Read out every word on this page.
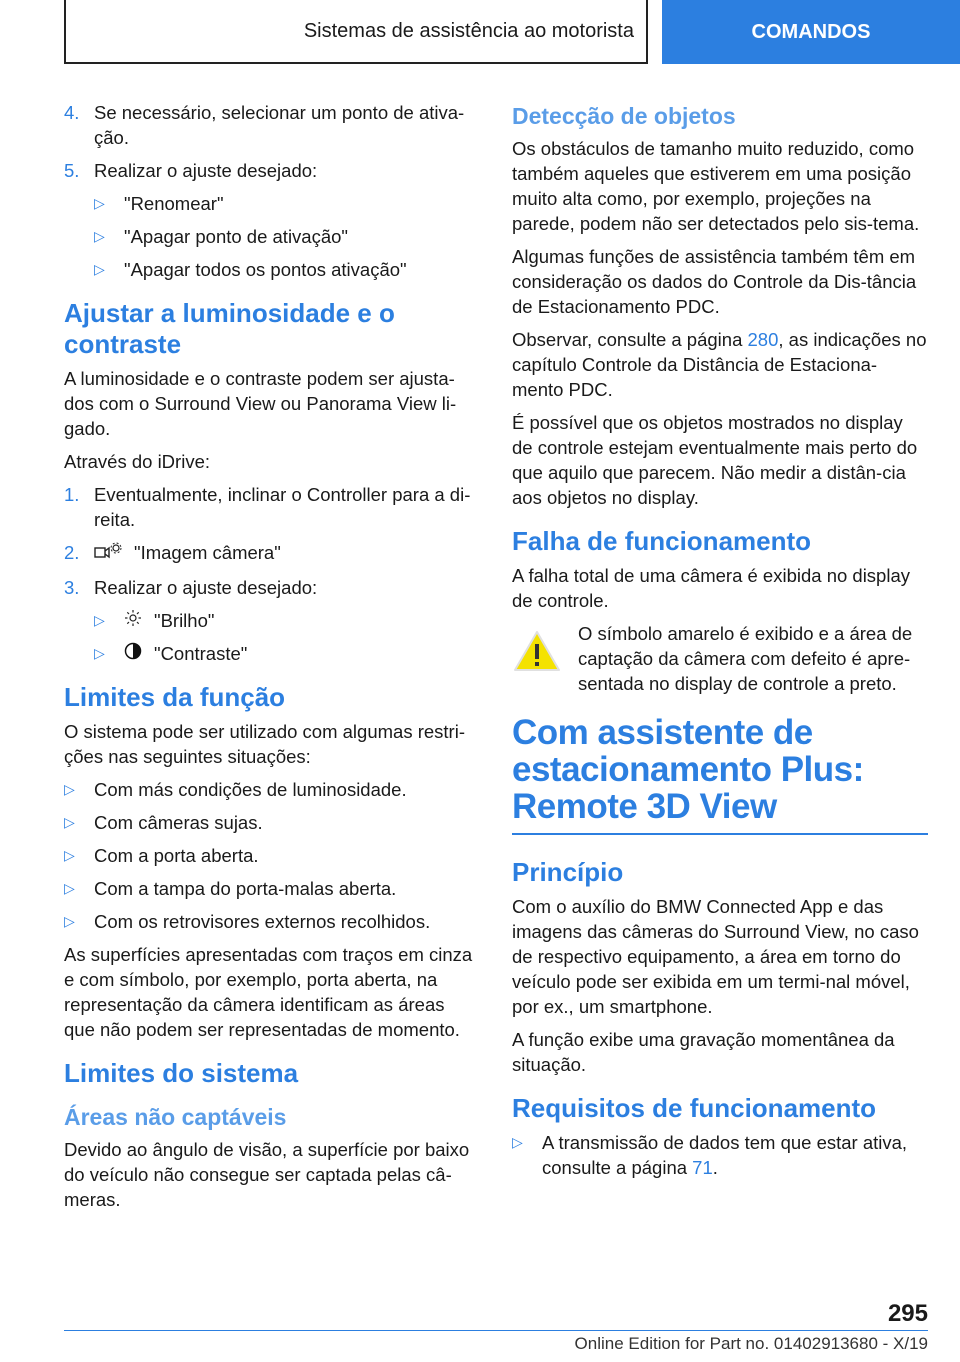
Sistemas de assistência ao motorista	COMANDOS
4. Se necessário, selecionar um ponto de ativa-ção.
5. Realizar o ajuste desejado:
▷	"Renomear"
▷	"Apagar ponto de ativação"
▷	"Apagar todos os pontos ativação"
Ajustar a luminosidade e o contraste

A luminosidade e o contraste podem ser ajusta-dos com o Surround View ou Panorama View li-gado.

Através do iDrive:

1. Eventualmente, inclinar o Controller para a di-reita.
2.	"Imagem câmera"
3. Realizar o ajuste desejado:
▷	"Brilho"
▷	"Contraste"
Limites da função

O sistema pode ser utilizado com algumas restri-ções nas seguintes situações:

▷	Com más condições de luminosidade.
▷	Com câmeras sujas.
▷	Com a porta aberta.
▷	Com a tampa do porta-malas aberta.
▷	Com os retrovisores externos recolhidos.

As superfícies apresentadas com traços em cinza e com símbolo, por exemplo, porta aberta, na representação da câmera identificam as áreas que não podem ser representadas de momento.

Limites do sistema
Áreas não captáveis

Devido ao ângulo de visão, a superfície por baixo do veículo não consegue ser captada pelas câ-meras.

Detecção de objetos

Os obstáculos de tamanho muito reduzido, como também aqueles que estiverem em uma posição muito alta como, por exemplo, projeções na parede, podem não ser detectados pelo sis-tema.

Algumas funções de assistência também têm em consideração os dados do Controle da Dis-tância de Estacionamento PDC.

Observar, consulte a página 280, as indicações no capítulo Controle da Distância de Estaciona-mento PDC.

É possível que os objetos mostrados no display de controle estejam eventualmente mais perto do que aquilo que parecem. Não medir a distân-cia aos objetos no display.

Falha de funcionamento

A falha total de uma câmera é exibida no display de controle.

O símbolo amarelo é exibido e a área de captação da câmera com defeito é apre-sentada no display de controle a preto.
Com assistente de estacionamento Plus: Remote 3D View
Princípio

Com o auxílio do BMW Connected App e das imagens das câmeras do Surround View, no caso de respectivo equipamento, a área em torno do veículo pode ser exibida em um termi-nal móvel, por ex., um smartphone.

A função exibe uma gravação momentânea da situação.

Requisitos de funcionamento
▷	A transmissão de dados tem que estar ativa, consulte a página 71.
295
Online Edition for Part no. 01402913680 - X/19
